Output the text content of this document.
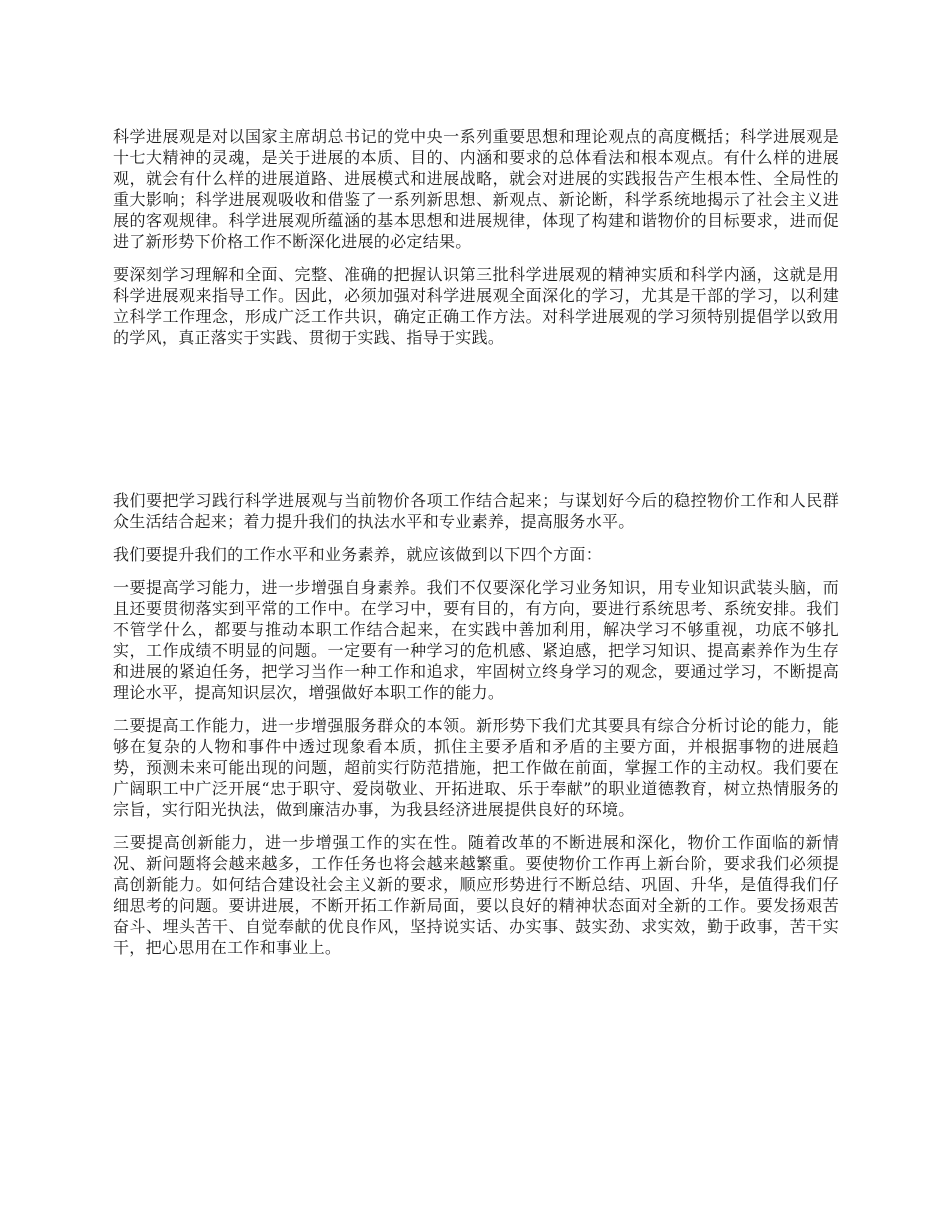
科学进展观是对以国家主席胡总书记的党中央一系列重要思想和理论观点的高度概括；科学进展观是十七大精神的灵魂，是关于进展的本质、目的、内涵和要求的总体看法和根本观点。有什么样的进展观，就会有什么样的进展道路、进展模式和进展战略，就会对进展的实践报告产生根本性、全局性的重大影响；科学进展观吸收和借鉴了一系列新思想、新观点、新论断，科学系统地揭示了社会主义进展的客观规律。科学进展观所蕴涵的基本思想和进展规律，体现了构建和谐物价的目标要求，进而促进了新形势下价格工作不断深化进展的必定结果。

要深刻学习理解和全面、完整、准确的把握认识第三批科学进展观的精神实质和科学内涵，这就是用科学进展观来指导工作。因此，必须加强对科学进展观全面深化的学习，尤其是干部的学习，以利建立科学工作理念，形成广泛工作共识，确定正确工作方法。对科学进展观的学习须特别提倡学以致用的学风，真正落实于实践、贯彻于实践、指导于实践。

我们要把学习践行科学进展观与当前物价各项工作结合起来；与谋划好今后的稳控物价工作和人民群众生活结合起来；着力提升我们的执法水平和专业素养，提高服务水平。

我们要提升我们的工作水平和业务素养，就应该做到以下四个方面：

一要提高学习能力，进一步增强自身素养。我们不仅要深化学习业务知识，用专业知识武装头脑，而且还要贯彻落实到平常的工作中。在学习中，要有目的，有方向，要进行系统思考、系统安排。我们不管学什么，都要与推动本职工作结合起来，在实践中善加利用，解决学习不够重视，功底不够扎实，工作成绩不明显的问题。一定要有一种学习的危机感、紧迫感，把学习知识、提高素养作为生存和进展的紧迫任务，把学习当作一种工作和追求，牢固树立终身学习的观念，要通过学习，不断提高理论水平，提高知识层次，增强做好本职工作的能力。

二要提高工作能力，进一步增强服务群众的本领。新形势下我们尤其要具有综合分析讨论的能力，能够在复杂的人物和事件中透过现象看本质，抓住主要矛盾和矛盾的主要方面，并根据事物的进展趋势，预测未来可能出现的问题，超前实行防范措施，把工作做在前面，掌握工作的主动权。我们要在广阔职工中广泛开展“忠于职守、爱岗敬业、开拓进取、乐于奉献”的职业道德教育，树立热情服务的宗旨，实行阳光执法，做到廉洁办事，为我县经济进展提供良好的环境。

三要提高创新能力，进一步增强工作的实在性。随着改革的不断进展和深化，物价工作面临的新情况、新问题将会越来越多，工作任务也将会越来越繁重。要使物价工作再上新台阶，要求我们必须提高创新能力。如何结合建设社会主义新的要求，顺应形势进行不断总结、巩固、升华，是值得我们仔细思考的问题。要讲进展，不断开拓工作新局面，要以良好的精神状态面对全新的工作。要发扬艰苦奋斗、埋头苦干、自觉奉献的优良作风，坚持说实话、办实事、鼓实劲、求实效，勤于政事，苦干实干，把心思用在工作和事业上。
